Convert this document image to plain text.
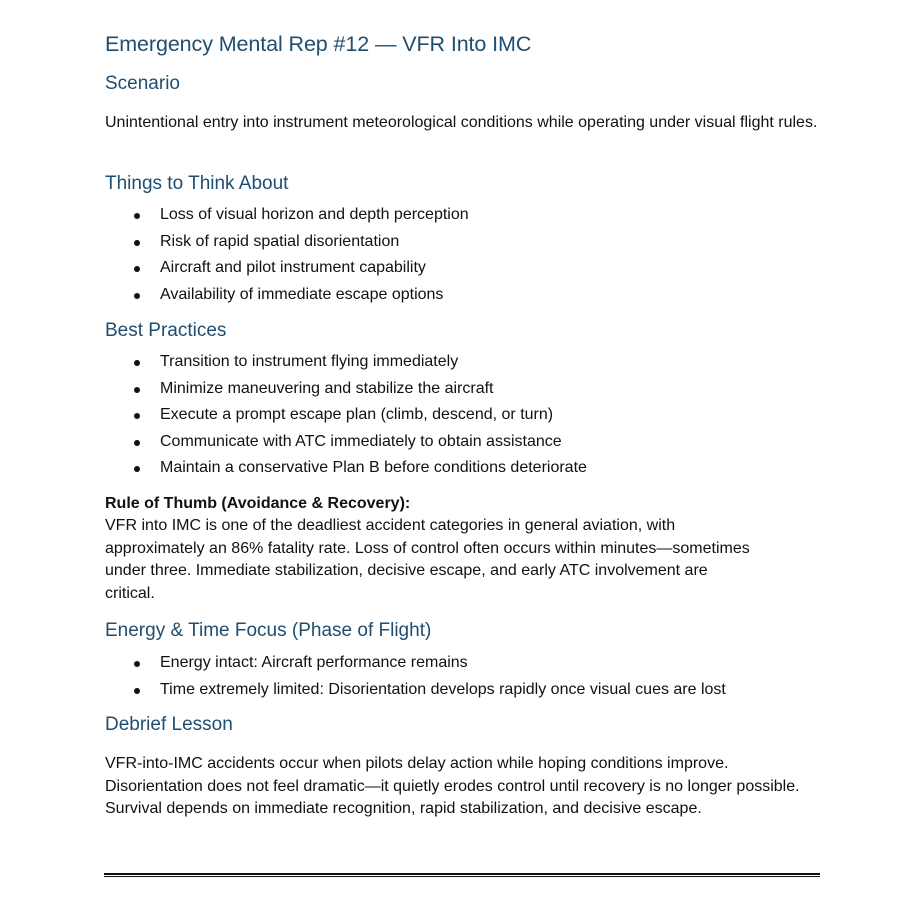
Emergency Mental Rep #12 — VFR Into IMC
Scenario
Unintentional entry into instrument meteorological conditions while operating under visual flight rules.
Things to Think About
Loss of visual horizon and depth perception
Risk of rapid spatial disorientation
Aircraft and pilot instrument capability
Availability of immediate escape options
Best Practices
Transition to instrument flying immediately
Minimize maneuvering and stabilize the aircraft
Execute a prompt escape plan (climb, descend, or turn)
Communicate with ATC immediately to obtain assistance
Maintain a conservative Plan B before conditions deteriorate
Rule of Thumb (Avoidance & Recovery):
VFR into IMC is one of the deadliest accident categories in general aviation, with approximately an 86% fatality rate. Loss of control often occurs within minutes—sometimes under three. Immediate stabilization, decisive escape, and early ATC involvement are critical.
Energy & Time Focus (Phase of Flight)
Energy intact: Aircraft performance remains
Time extremely limited: Disorientation develops rapidly once visual cues are lost
Debrief Lesson
VFR-into-IMC accidents occur when pilots delay action while hoping conditions improve. Disorientation does not feel dramatic—it quietly erodes control until recovery is no longer possible. Survival depends on immediate recognition, rapid stabilization, and decisive escape.
